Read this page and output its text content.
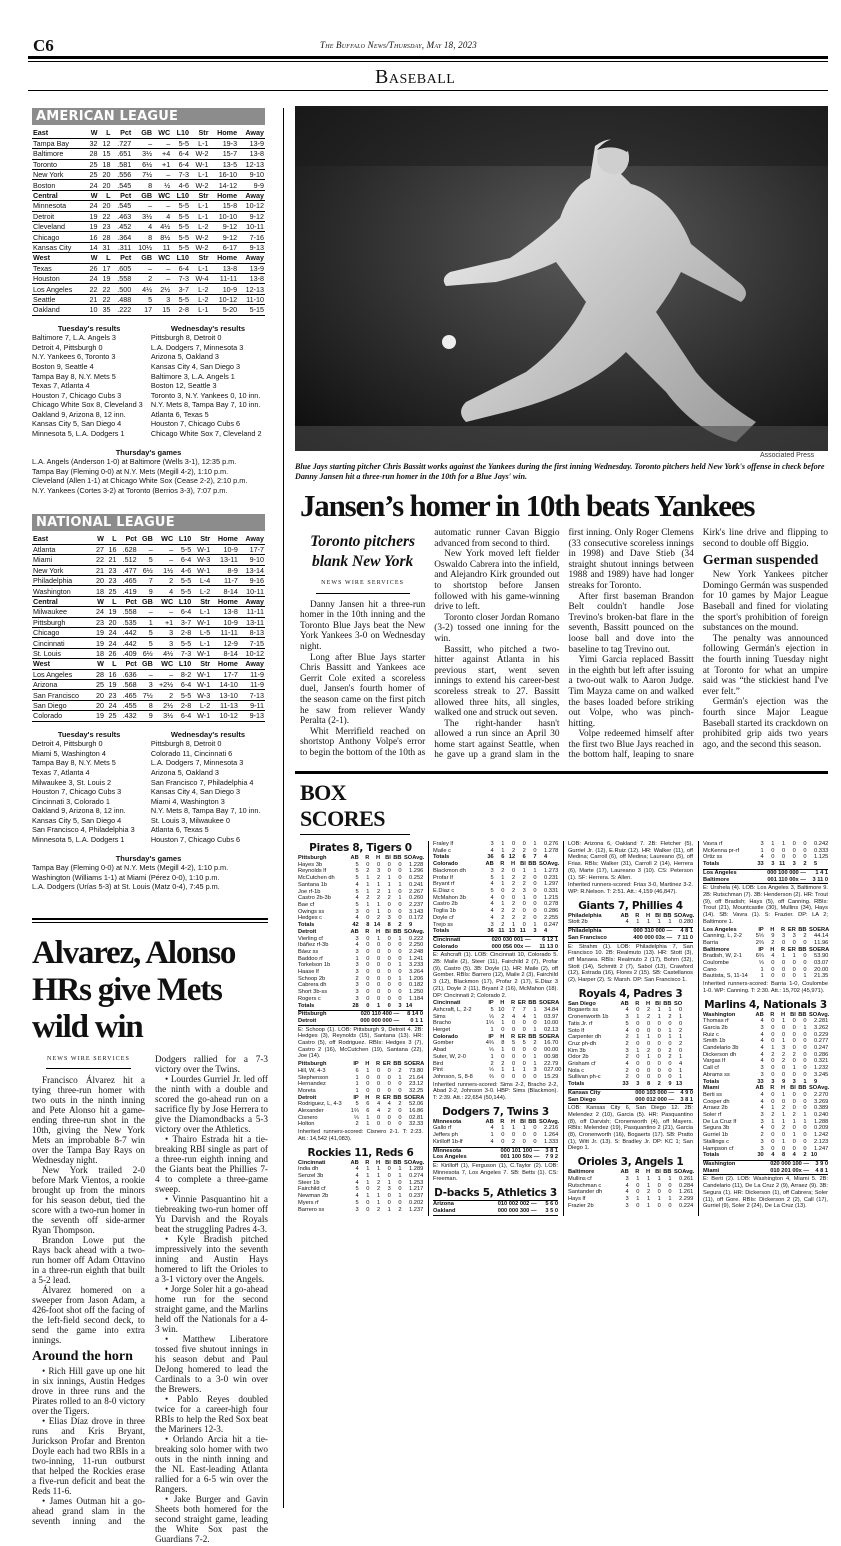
C6	The Buffalo News/Thursday, May 18, 2023
Baseball
AMERICAN LEAGUE
East	W	L	Pct	GB	WC	L10	Str	Home	Away
Tampa Bay	32	12	.727	–	–	5-5	L-1	19-3	13-9
Baltimore	28	15	.651	3½	+4	6-4	W-2	15-7	13-8
Toronto	25	18	.581	6½	+1	6-4	W-1	13-5	12-13
New York	25	20	.556	7½	–	7-3	L-1	16-10	9-10
Boston	24	20	.545	8	½	4-6	W-2	14-12	9-9
Central	W	L	Pct	GB	WC	L10	Str	Home	Away
Minnesota	24	20	.545	–	–	5-5	L-1	15-8	10-12
Detroit	19	22	.463	3½	4	5-5	L-1	10-10	9-12
Cleveland	19	23	.452	4	4½	5-5	L-2	9-12	10-11
Chicago	16	28	.364	8	8½	5-5	W-2	9-12	7-16
Kansas City	14	31	.311	10½	11	5-5	W-2	6-17	9-13
West	W	L	Pct	GB	WC	L10	Str	Home	Away
Texas	26	17	.605	–	–	6-4	L-1	13-8	13-9
Houston	24	19	.558	2	–	7-3	W-4	11-11	13-8
Los Angeles	22	22	.500	4½	2½	3-7	L-2	10-9	12-13
Seattle	21	22	.488	5	3	5-5	L-2	10-12	11-10
Oakland	10	35	.222	17	15	2-8	L-1	5-20	5-15
Tuesday's results
Baltimore 7, L.A. Angels 3
Detroit 4, Pittsburgh 0
N.Y. Yankees 6, Toronto 3
Boston 9, Seattle 4
Tampa Bay 8, N.Y. Mets 5
Texas 7, Atlanta 4
Houston 7, Chicago Cubs 3
Chicago White Sox 8, Cleveland 3
Oakland 9, Arizona 8, 12 inn.
Kansas City 5, San Diego 4
Minnesota 5, L.A. Dodgers 1
Wednesday's results
Pittsburgh 8, Detroit 0
L.A. Dodgers 7, Minnesota 3
Arizona 5, Oakland 3
Kansas City 4, San Diego 3
Baltimore 3, L.A. Angels 1
Boston 12, Seattle 3
Toronto 3, N.Y. Yankees 0, 10 inn.
N.Y. Mets 8, Tampa Bay 7, 10 inn.
Atlanta 6, Texas 5
Houston 7, Chicago Cubs 6
Chicago White Sox 7, Cleveland 2
Thursday's games
L.A. Angels (Anderson 1-0) at Baltimore (Wells 3-1), 12:35 p.m.
Tampa Bay (Fleming 0-0) at N.Y. Mets (Megill 4-2), 1:10 p.m.
Cleveland (Allen 1-1) at Chicago White Sox (Cease 2-2), 2:10 p.m.
N.Y. Yankees (Cortes 3-2) at Toronto (Berrios 3-3), 7:07 p.m.
NATIONAL LEAGUE
East	W	L	Pct	GB	WC	L10	Str	Home	Away
Atlanta	27	16	.628	–	–	5-5	W-1	10-9	17-7
Miami	22	21	.512	5	–	6-4	W-3	13-11	9-10
New York	21	23	.477	6½	1½	4-6	W-1	8-9	13-14
Philadelphia	20	23	.465	7	2	5-5	L-4	11-7	9-16
Washington	18	25	.419	9	4	5-5	L-2	8-14	10-11
Central	W	L	Pct	GB	WC	L10	Str	Home	Away
Milwaukee	24	19	.558	–	–	6-4	L-1	13-8	11-11
Pittsburgh	23	20	.535	1	+1	3-7	W-1	10-9	13-11
Chicago	19	24	.442	5	3	2-8	L-5	11-11	8-13
Cincinnati	19	24	.442	5	3	5-5	L-1	12-9	7-15
St. Louis	18	26	.409	6½	4½	7-3	W-1	8-14	10-12
West	W	L	Pct	GB	WC	L10	Str	Home	Away
Los Angeles	28	16	.636	–	–	8-2	W-1	17-7	11-9
Arizona	25	19	.568	3	+2½	6-4	W-1	14-10	11-9
San Francisco	20	23	.465	7½	2	5-5	W-3	13-10	7-13
San Diego	20	24	.455	8	2½	2-8	L-2	11-13	9-11
Colorado	19	25	.432	9	3½	6-4	W-1	10-12	9-13
Tuesday's results
Detroit 4, Pittsburgh 0
Miami 5, Washington 4
Tampa Bay 8, N.Y. Mets 5
Texas 7, Atlanta 4
Milwaukee 3, St. Louis 2
Houston 7, Chicago Cubs 3
Cincinnati 3, Colorado 1
Oakland 9, Arizona 8, 12 inn.
Kansas City 5, San Diego 4
San Francisco 4, Philadelphia 3
Minnesota 5, L.A. Dodgers 1
Wednesday's results
Pittsburgh 8, Detroit 0
Colorado 11, Cincinnati 6
L.A. Dodgers 7, Minnesota 3
Arizona 5, Oakland 3
San Francisco 7, Philadelphia 4
Kansas City 4, San Diego 3
Miami 4, Washington 3
N.Y. Mets 8, Tampa Bay 7, 10 inn.
St. Louis 3, Milwaukee 0
Atlanta 6, Texas 5
Houston 7, Chicago Cubs 6
Thursday's games
Tampa Bay (Fleming 0-0) at N.Y. Mets (Megill 4-2), 1:10 p.m.
Washington (Williams 1-1) at Miami (Pérez 0-0), 1:10 p.m.
L.A. Dodgers (Urías 5-3) at St. Louis (Matz 0-4), 7:45 p.m.
Associated Press
Blue Jays starting pitcher Chris Bassitt works against the Yankees during the first inning Wednesday. Toronto pitchers held New York's offense in check before Danny Jansen hit a three-run homer in the 10th for a Blue Jays' win.
Jansen’s homer in 10th beats Yankees
Toronto pitchers blank New York
NEWS WIRE SERVICES

Danny Jansen hit a three-run homer in the 10th inning and the Toronto Blue Jays beat the New York Yankees 3-0 on Wednesday night.

Long after Blue Jays starter Chris Bassitt and Yankees ace Gerrit Cole exited a scoreless duel, Jansen's fourth homer of the season came on the first pitch he saw from reliever Wandy Peralta (2-1).

Whit Merrifield reached on shortstop Anthony Volpe's error to begin the bottom of the 10th as automatic runner Cavan Biggio advanced from second to third.

New York moved left fielder Oswaldo Cabrera into the infield, and Alejandro Kirk grounded out to shortstop before Jansen followed with his game-winning drive to left.

Toronto closer Jordan Romano (3-2) tossed one inning for the win.

Bassitt, who pitched a two-hitter against Atlanta in his previous start, went seven innings to extend his career-best scoreless streak to 27. Bassitt allowed three hits, all singles, walked one and struck out seven.

The right-hander hasn't allowed a run since an April 30 home start against Seattle, when he gave up a grand slam in the first inning. Only Roger Clemens (33 consecutive scoreless innings in 1998) and Dave Stieb (34 straight shutout innings between 1988 and 1989) have had longer streaks for Toronto.

After first baseman Brandon Belt couldn't handle Jose Trevino's broken-bat flare in the seventh, Bassitt pounced on the loose ball and dove into the baseline to tag Trevino out.

Yimi Garcia replaced Bassitt in the eighth but left after issuing a two-out walk to Aaron Judge. Tim Mayza came on and walked the bases loaded before striking out Volpe, who was pinch-hitting.

Volpe redeemed himself after the first two Blue Jays reached in the bottom half, leaping to snare Kirk's line drive and flipping to second to double off Biggio.

German suspended

New York Yankees pitcher Domingo Germán was suspended for 10 games by Major League Baseball and fined for violating the sport's prohibition of foreign substances on the mound.

The penalty was announced following Germán's ejection in the fourth inning Tuesday night at Toronto for what an umpire said was “the stickiest hand I've ever felt.”

Germán's ejection was the fourth since Major League Baseball started its crackdown on prohibited grip aids two years ago, and the second this season.

BOX SCORES
Pirates 8, Tigers 0
Pittsburgh	AB	R	H	BI	BB	SO	Avg.
Hayes 3b	5	0	0	0	0	1	.228
Reynolds lf	5	2	3	0	0	1	.296
McCutchen dh	5	1	2	1	0	0	.252
Santana 1b	4	1	1	1	1	0	.241
Joe rf-1b	5	1	2	1	0	2	.267
Castro 2b-3b	4	2	2	2	1	0	.260
Bae cf	5	1	1	0	0	2	.237
Owings ss	3	0	1	0	0	3	.143
Hedges c	4	0	2	3	0	0	.172
Totals	42	8	14	8	2	9	
Detroit	AB	R	H	BI	BB	SO	Avg.
Vierling cf	3	0	1	0	1	0	.222
Ibáñez rf-3b	4	0	0	0	0	2	.250
Báez ss	3	0	0	0	0	2	.248
Baddoo rf	1	0	0	0	0	1	.241
Torkelson 1b	3	0	0	0	1	3	.233
Haase lf	3	0	0	0	0	3	.264
Schoop 2b	2	0	0	0	1	1	.206
Cabrera dh	3	0	0	0	0	0	.182
Short 3b-ss	3	0	0	0	0	1	.250
Rogers c	3	0	0	0	0	1	.184
Totals	28	0	1	0	3	14	
Pittsburgh	020 110 400 —	8 14 0
Detroit	000 000 000 —	0 1 1
E: Schoop (1). LOB: Pittsburgh 9, Detroit 4. 2B: Hedges (3), Reynolds (15), Santana (13). HR: Castro (5), off Rodriguez. RBIs: Hedges 3 (7), Castro 2 (16), McCutchen (19), Santana (22), Joe (14).
Pittsburgh	IP	H	R	ER	BB	SO	ERA
Hill, W, 4-3	6	1	0	0	2	7	3.80
Stephenson	1	0	0	0	1	2	1.64
Hernandez	1	0	0	0	0	2	3.12
Moreta	1	0	0	0	0	3	2.25
Detroit	IP	H	R	ER	BB	SO	ERA
Rodriguez, L, 4-3	5	6	4	4	2	5	2.06
Alexander	1⅔	6	4	2	0	1	6.86
Cisnero	⅓	1	0	0	0	0	2.81
Holton	2	1	0	0	0	3	2.33
Inherited runners-scored: Cisnero 2-1. T: 2:23. Att.: 14,542 (41,083).
Rockies 11, Reds 6
Cincinnati	AB	R	H	BI	BB	SO	Avg.
India dh	4	1	1	0	1	1	.289
Senzel 3b	4	1	1	0	1	0	.274
Steer 1b	4	1	2	1	0	1	.253
Fairchild cf	5	0	2	3	0	1	.217
Newman 2b	4	1	1	0	1	0	.237
Myers rf	5	0	1	0	0	0	.202
Barrero ss	3	0	2	1	2	1	.237
Fraley lf	3	1	0	0	1	0	.276
Maile c	4	1	2	2	0	1	.278
Totals	36	6	12	6	7	4	
Colorado	AB	R	H	BI	BB	SO	Avg.
Blackmon dh	3	2	0	1	1	1	.273
Profar lf	5	1	2	2	0	0	.231
Bryant rf	4	1	2	2	0	1	.297
E.Diaz c	5	0	2	3	0	0	.331
McMahon 3b	4	0	0	1	0	1	.215
Castro 2b	4	1	2	0	0	0	.278
Toglia 1b	4	2	2	0	0	0	.286
Doyle cf	4	2	2	2	0	2	.255
Trejo ss	3	2	1	0	1	0	.247
Totals	36	11	13	11	3	4	
Cincinnati	020 030 001 —	6 12 1
Colorado	000 056 00x —	11 13 0
E: Ashcraft (1). LOB: Cincinnati 10, Colorado 5. 2B: Maile (2), Steer (11), Fairchild 2 (7), Profar (9), Castro (5). 3B: Doyle (1). HR: Maile (2), off Gomber. RBIs: Barrero (12), Maile 2 (3), Fairchild 3 (12), Blackmon (17), Profar 2 (17), E.Diaz 3 (21), Doyle 2 (11), Bryant 2 (16), McMahon (18). DP: Cincinnati 2; Colorado 2.
Cincinnati	IP	H	R	ER	BB	SO	ERA
Ashcraft, L, 2-2	5	10	7	7	1	3	4.84
Sims	⅓	2	4	4	1	0	3.97
Bracho	1⅓	1	0	0	0	1	0.00
Herget	1	0	0	0	1	0	2.13
Colorado	IP	H	R	ER	BB	SO	ERA
Gomber	4⅔	8	5	5	2	1	6.70
Abad	⅓	1	0	0	0	0	0.00
Suter, W, 2-0	1	0	0	0	1	0	0.98
Bird	2	2	0	0	1	2	2.79
Pint	⅓	1	1	1	3	0	27.00
Johnson, S, 8-8	⅔	0	0	0	0	1	5.29
Inherited runners-scored: Sims 2-2, Bracho 2-2, Abad 2-2, Johnson 3-0. HBP: Sims (Blackmon). T: 2:39. Att.: 22,654 (50,144).
Dodgers 7, Twins 3
Minnesota	AB	R	H	BI	BB	SO	Avg.
Gallo rf	4	1	1	1	0	2	.216
Jeffers ph	1	0	0	0	0	1	.264
Kirilloff 1b-lf	4	0	2	0	0	1	.333
Minnesota	000 101 100 —	3 8 1
Los Angeles	001 100 50x —	7 9 2
E: Kirilloff (1), Ferguson (1), C.Taylor (2). LOB: Minnesota 7, Los Angeles 7. SB: Betts (1). CS: Freeman.
D-backs 5, Athletics 3
Arizona	010 002 002 —	5 6 0
Oakland	000 000 300 —	3 5 0
LOB: Arizona 6, Oakland 7. 2B: Fletcher (5), Gurriel Jr. (12), E.Ruiz (12). HR: Walker (11), off Medina; Carroll (6), off Medina; Laureano (5), off Frias. RBIs: Walker (31), Carroll 2 (14), Herrera (6), Marte (17), Laureano 3 (10). CS: Peterson (1). SF: Herrera. S: Allen.
Inherited runners-scored: Frias 3-0, Martinez 3-2. WP: R.Nelson. T: 2:51. Att.: 4,159 (46,847).
Giants 7, Phillies 4
Philadelphia	AB	R	H	BI	BB	SO	Avg.
Stott 2b	4	1	1	1	1	0	.280
Philadelphia	000 310 000 —	4 8 1
San Francisco	400 000 03x —	7 11 0
E: Strahm (1). LOB: Philadelphia 7, San Francisco 10. 2B: Realmuto (13). HR: Stott (3), off Manaea. RBIs: Realmuto 2 (17), Bohm (32), Stott (14), Schmitt 2 (7), Sabol (13), Crawford (12), Estrada (16), Flores 2 (15). SB: Castellanos (2), Harper (2). S: Marsh. DP: San Francisco 1.
Royals 4, Padres 3
San Diego	AB	R	H	BI	BB	SO	
Bogaerts ss	4	0	2	1	1	0	
Cronenworth 1b	3	1	2	1	2	1	
Tatis Jr. rf	5	0	0	0	0	0	
Soto lf	4	0	0	0	1	2	
Carpenter dh	2	1	1	0	1	1	
Cruz ph-dh	2	0	0	0	0	2	
Kim 3b	3	1	2	0	2	0	
Odor 2b	2	0	1	0	2	1	
Grisham cf	4	0	0	0	0	4	
Nola c	2	0	0	0	0	1	
Sullivan ph-c	2	0	0	0	0	1	
Totals	33	3	8	2	9	13	
Kansas City	000 103 000 —	4 9 0
San Diego	000 012 000 —	3 8 1
LOB: Kansas City 6, San Diego 12. 2B: Melendez 2 (10), Garcia (5). HR: Pasquantino (8), off Darvish; Cronenworth (4), off Mayers. RBIs: Melendez (19), Pasquantino 2 (21), Garcia (8), Cronenworth (16), Bogaerts (17). SB: Pratto (1), Witt Jr. (13). S: Bradley Jr. DP: KC 1; San Diego 1.
Orioles 3, Angels 1
Baltimore	AB	R	H	BI	BB	SO	Avg.
Mullins cf	3	1	1	1	1	0	.261
Rutschman c	4	0	1	0	0	0	.284
Santander dh	4	0	2	0	0	1	.261
Hays lf	3	1	1	1	1	2	.299
Frazier 2b	3	0	1	0	0	0	.224
Vavra rf	3	1	1	0	0	0	.242
McKenna pr-rf	1	0	0	0	0	0	.333
Ortiz ss	4	0	0	0	0	1	.125
Totals	33	3	11	3	2	5	
Los Angeles	000 100 000 —	1 4 1
Baltimore	001 110 00x —	3 11 0
E: Urshela (4). LOB: Los Angeles 3, Baltimore 9. 2B: Rutschman (7). 3B: Henderson (2). HR: Trout (9), off Bradish; Hays (5), off Canning. RBIs: Trout (21), Mountcastle (30), Mullins (34), Hays (14). SB: Vavra (1). S: Frazier. DP: LA 2; Baltimore 1.
Los Angeles	IP	H	R	ER	BB	SO	ERA
Canning, L, 2-2	5⅓	9	3	3	2	4	4.14
Barria	2⅔	2	0	0	0	1	1.96
Baltimore	IP	H	R	ER	BB	SO	ERA
Bradish, W, 2-1	6⅔	4	1	1	0	5	3.90
Coulombe	⅓	0	0	0	0	0	3.07
Cano	1	0	0	0	0	2	0.00
Bautista, S, 11-14	1	0	0	0	1	2	1.35
Inherited runners-scored: Barria 1-0, Coulombe 1-0. WP: Canning. T: 2:30. Att.: 15,702 (45,971).
Marlins 4, Nationals 3
Washington	AB	R	H	BI	BB	SO	Avg.
Thomas rf	4	0	1	0	0	2	.281
Garcia 2b	3	0	0	0	1	3	.262
Ruiz c	4	0	0	0	0	0	.229
Smith 1b	4	0	1	0	0	0	.277
Candelario 3b	4	1	3	0	0	0	.247
Dickerson dh	4	2	2	2	0	0	.286
Vargas lf	4	0	2	0	0	0	.321
Call cf	3	0	0	1	0	1	.232
Abrams ss	3	0	0	0	0	3	.245
Totals	33	3	9	3	1	9	
Miami	AB	R	H	BI	BB	SO	Avg.
Berti ss	4	0	1	0	0	2	.270
Cooper dh	4	0	0	0	0	3	.269
Arraez 2b	4	1	2	0	0	0	.389
Soler rf	3	2	1	2	1	0	.240
De La Cruz lf	3	1	1	1	1	1	.288
Segura 3b	4	0	2	0	0	0	.209
Gurriel 1b	2	0	0	1	0	1	.242
Stallings c	3	0	1	0	0	2	.123
Hampson cf	3	0	0	0	0	1	.247
Totals	30	4	8	4	2	10	
Washington	020 000 100 —	3 9 0
Miami	010 201 00x —	4 8 1
E: Berti (2). LOB: Washington 4, Miami 5. 2B: Candelario (11), De La Cruz 2 (9), Arraez (9). 3B: Segura (1). HR: Dickerson (1), off Cabrera; Soler (11), off Gore. RBIs: Dickerson 2 (2), Call (17), Gurriel (9), Soler 2 (24), De La Cruz (13).
Alvarez, Alonso HRs give Mets wild win
NEWS WIRE SERVICES

Francisco Álvarez hit a tying three-run homer with two outs in the ninth inning and Pete Alonso hit a game-ending three-run shot in the 10th, giving the New York Mets an improbable 8-7 win over the Tampa Bay Rays on Wednesday night.

New York trailed 2-0 before Mark Vientos, a rookie brought up from the minors for his season debut, tied the score with a two-run homer in the seventh off side-armer Ryan Thompson.

Brandon Lowe put the Rays back ahead with a two-run homer off Adam Ottavino in a three-run eighth that built a 5-2 lead.

Álvarez homered on a sweeper from Jason Adam, a 426-foot shot off the facing of the left-field second deck, to send the game into extra innings.

Around the horn

• Rich Hill gave up one hit in six innings, Austin Hedges drove in three runs and the Pirates rolled to an 8-0 victory over the Tigers.

• Elias Díaz drove in three runs and Kris Bryant, Jurickson Profar and Brenton Doyle each had two RBIs in a two-inning, 11-run outburst that helped the Rockies erase a five-run deficit and beat the Reds 11-6.

• James Outman hit a go-ahead grand slam in the seventh inning and the Dodgers rallied for a 7-3 victory over the Twins.

• Lourdes Gurriel Jr. led off the ninth with a double and scored the go-ahead run on a sacrifice fly by Jose Herrera to give the Diamondbacks a 5-3 victory over the Athletics.

• Thairo Estrada hit a tie-breaking RBI single as part of a three-run eighth inning and the Giants beat the Phillies 7-4 to complete a three-game sweep.

• Vinnie Pasquantino hit a tiebreaking two-run homer off Yu Darvish and the Royals beat the struggling Padres 4-3.

• Kyle Bradish pitched impressively into the seventh inning and Austin Hays homered to lift the Orioles to a 3-1 victory over the Angels.

• Jorge Soler hit a go-ahead home run for the second straight game, and the Marlins held off the Nationals for a 4-3 win.

• Matthew Liberatore tossed five shutout innings in his season debut and Paul DeJong homered to lead the Cardinals to a 3-0 win over the Brewers.

• Pablo Reyes doubled twice for a career-high four RBIs to help the Red Sox beat the Mariners 12-3.

• Orlando Arcia hit a tie-breaking solo homer with two outs in the ninth inning and the NL East-leading Atlanta rallied for a 6-5 win over the Rangers.

• Jake Burger and Gavin Sheets both homered for the second straight game, leading the White Sox past the Guardians 7-2.
